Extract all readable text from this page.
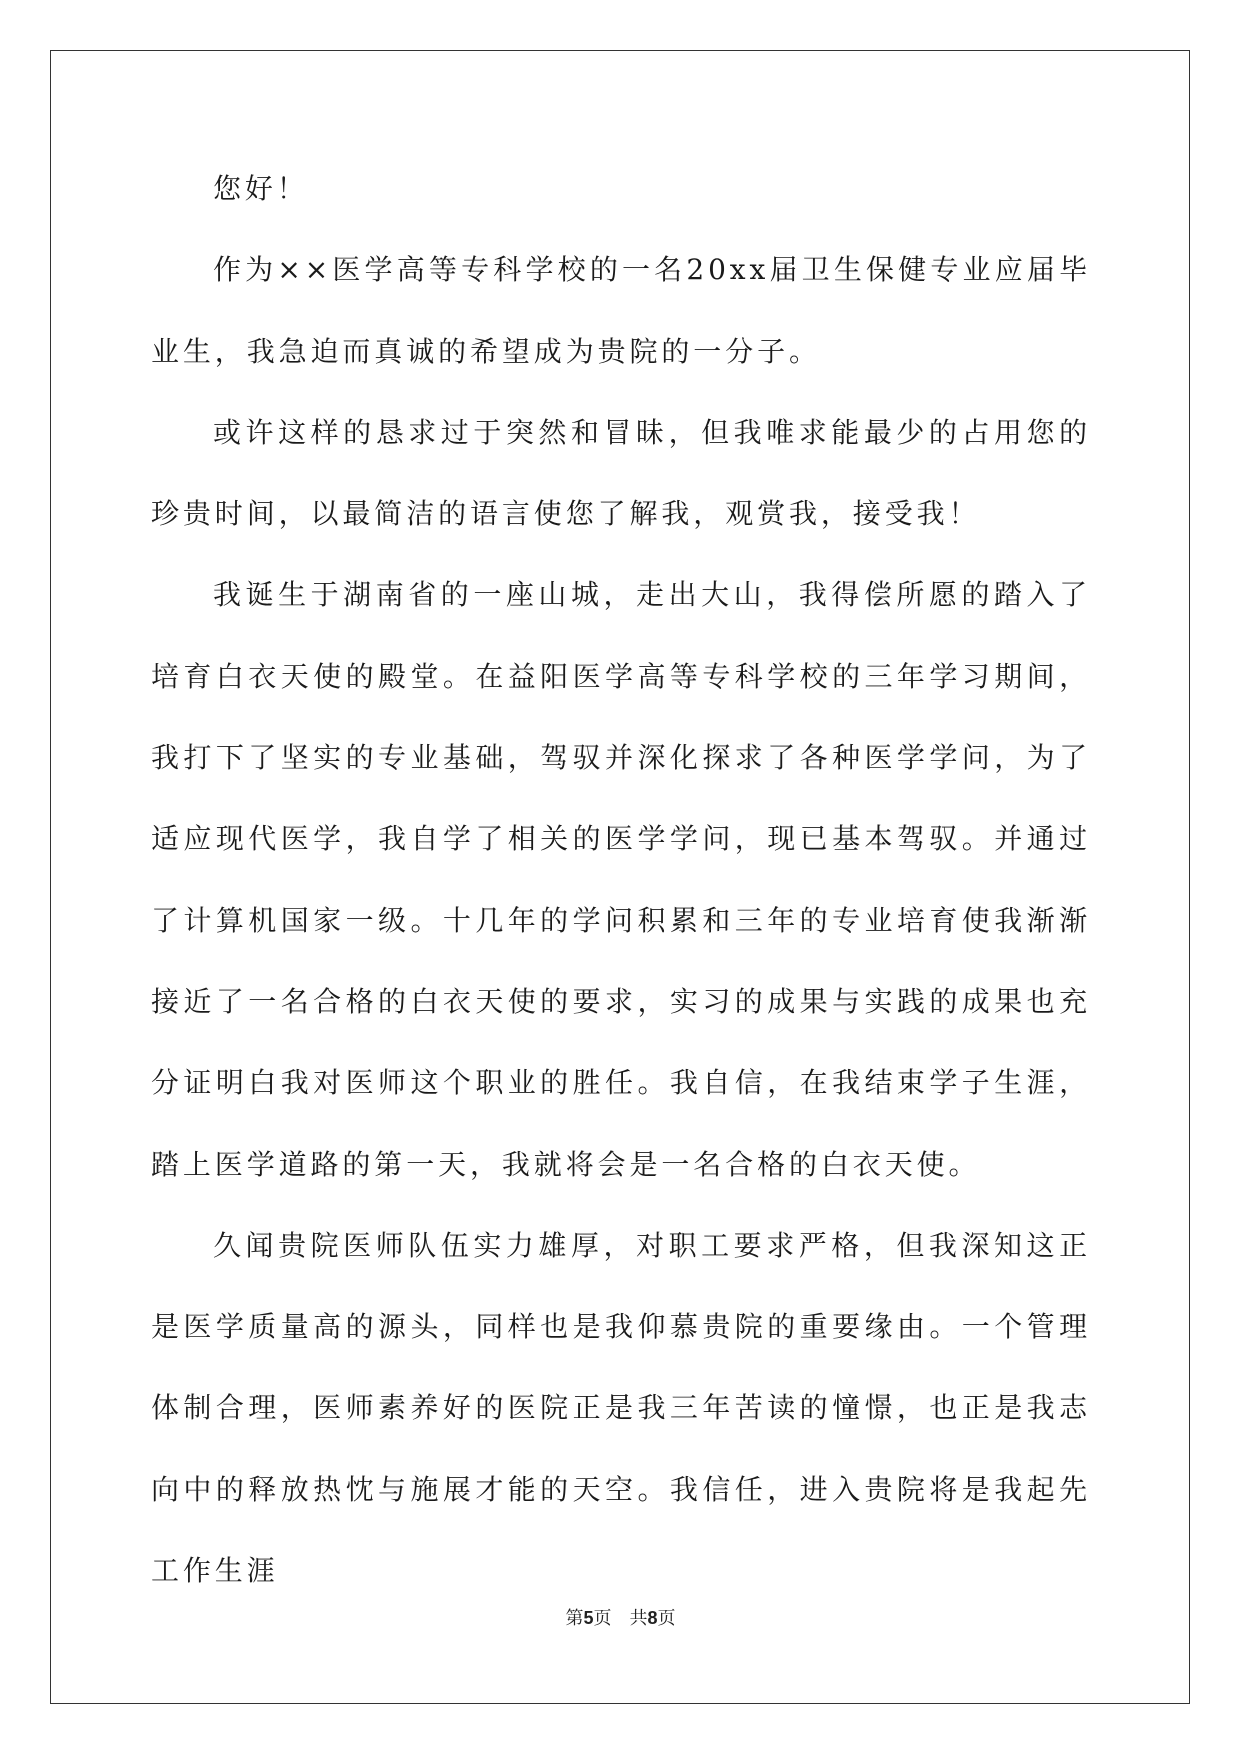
您好！

作为××医学高等专科学校的一名20xx届卫生保健专业应届毕业生，我急迫而真诚的希望成为贵院的一分子。

或许这样的恳求过于突然和冒昧，但我唯求能最少的占用您的珍贵时间，以最简洁的语言使您了解我，观赏我，接受我！

我诞生于湖南省的一座山城，走出大山，我得偿所愿的踏入了培育白衣天使的殿堂。在益阳医学高等专科学校的三年学习期间，我打下了坚实的专业基础，驾驭并深化探求了各种医学学问，为了适应现代医学，我自学了相关的医学学问，现已基本驾驭。并通过了计算机国家一级。十几年的学问积累和三年的专业培育使我渐渐接近了一名合格的白衣天使的要求，实习的成果与实践的成果也充分证明白我对医师这个职业的胜任。我自信，在我结束学子生涯，踏上医学道路的第一天，我就将会是一名合格的白衣天使。

久闻贵院医师队伍实力雄厚，对职工要求严格，但我深知这正是医学质量高的源头，同样也是我仰慕贵院的重要缘由。一个管理体制合理，医师素养好的医院正是我三年苦读的憧憬，也正是我志向中的释放热忱与施展才能的天空。我信任，进入贵院将是我起先工作生涯

第5页 共8页
